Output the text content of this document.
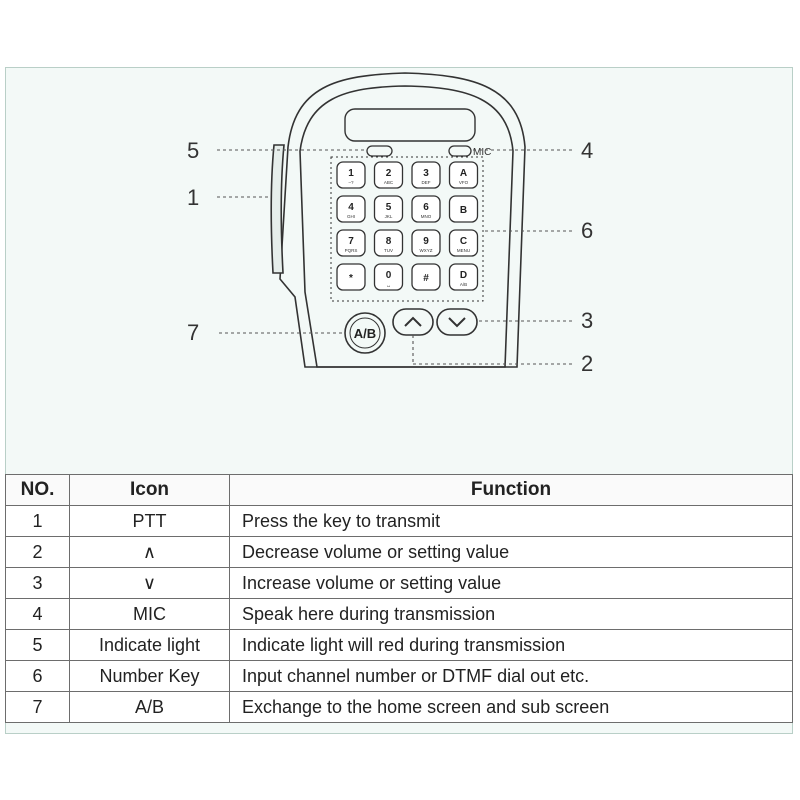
1
–?
2
ABC
3
DEF
A
VFO
4
GHI
5
JKL
6
MNO
B
7
PQRS
8
TUV
9
WXYZ
C
MENU
*	0
␣
#	D
A/B
MIC
A/B
5	4
1
6
3
7
2
NO.	Icon	Function
1	PTT	Press the key to transmit
2	∧	Decrease volume or setting value
3	∨	Increase volume or setting value
4	MIC	Speak here during transmission
5	Indicate light	Indicate light will red during transmission
6	Number Key	Input channel number or DTMF dial out etc.
7	A/B	Exchange to the home screen and sub screen
